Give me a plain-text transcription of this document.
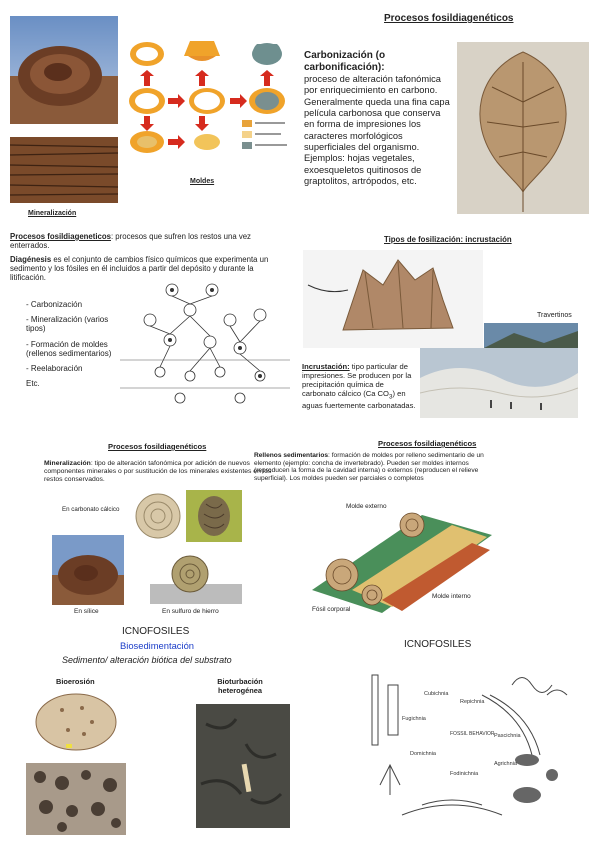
Mineralización
Moldes
Procesos fosildiagenéticos
Carbonización (o carbonificación):
proceso de alteración tafonómica por enriquecimiento en carbono. Generalmente queda una fina capa película carbonosa que conserva en forma de impresiones los caracteres morfológicos superficiales del organismo. Ejemplos: hojas vegetales, exoesqueletos quitinosos de graptolitos, artrópodos, etc.
Procesos fosildiageneticos: procesos que sufren los restos una vez enterrados.
Diagénesis es el conjunto de cambios físico químicos que experimenta un sedimento y los fósiles en él incluidos a partir del depósito y durante la litificación.
- Carbonización
- Mineralización (varios tipos)
- Formación de moldes (rellenos sedimentarios)
- Reelaboración
Etc.
Tipos de fosilización: incrustación
Travertinos
Incrustación: tipo particular de impresiones. Se producen por la precipitación química de carbonato cálcico (Ca $CO_3$) en aguas fuertemente carbonatadas.
Procesos fosildiagenéticos
Mineralización: tipo de alteración tafonómica por adición de nuevos componentes minerales o por sustitución de los minerales existentes en los restos conservados.
En carbonato cálcico
En sílice	En sulfuro de hierro
Procesos fosildiagenéticos
Rellenos sedimentarios: formación de moldes por relleno sedimentario de un elemento (ejemplo: concha de invertebrado). Pueden ser moldes internos (reproducen la forma de la cavidad interna) o externos (reproducen el relieve superficial). Los moldes pueden ser parciales o completos
Molde externo
Molde interno
Fósil corporal
ICNOFOSILES
Biosedimentación
Sedimento/ alteración biótica del substrato
ICNOFOSILES
Bioerosión	Bioturbación heterogénea	Cubichnia
Repichnia
Fugichnia
FOSSIL BEHAVIOR Pascichnia
Domichnia
Agrichnia
Fodinichnia
